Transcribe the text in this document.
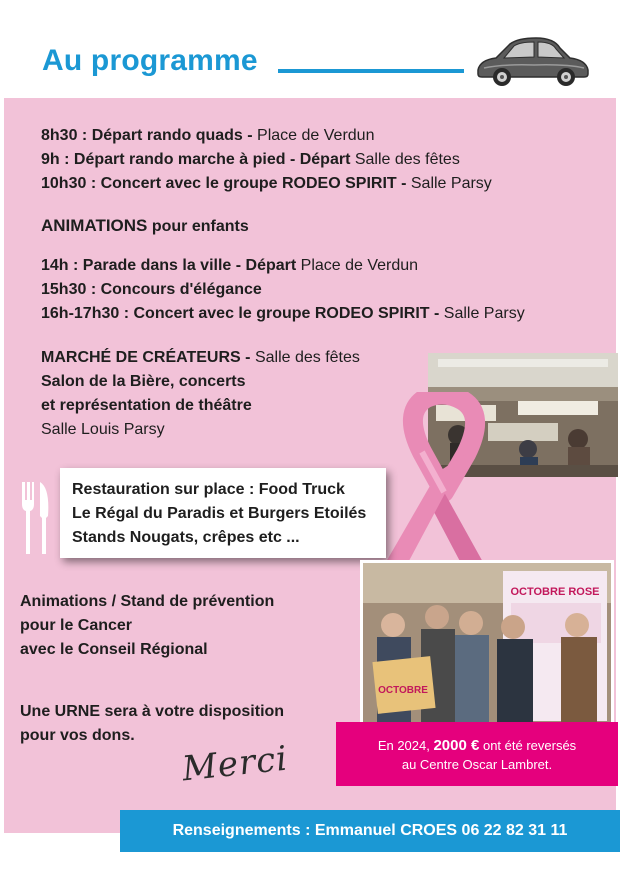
Au programme
8h30 : Départ rando quads - Place de Verdun
9h : Départ rando marche à pied - Départ Salle des fêtes
10h30 : Concert avec le groupe RODEO SPIRIT - Salle Parsy
ANIMATIONS pour enfants
14h : Parade dans la ville - Départ Place de Verdun
15h30 : Concours d'élégance
16h-17h30 : Concert avec le groupe RODEO SPIRIT - Salle Parsy
MARCHÉ DE CRÉATEURS - Salle des fêtes
Salon de la Bière, concerts
et représentation de théâtre
Salle Louis Parsy
Restauration sur place : Food Truck
Le Régal du Paradis et Burgers Etoilés
Stands Nougats, crêpes etc ...
OCTOBRE ROSE
OCTOBRE
Animations / Stand de prévention
pour le Cancer
avec le Conseil Régional
Une URNE sera à votre disposition
pour vos dons.
Merci	En 2024, 2000 € ont été reversés
au Centre Oscar Lambret.
Renseignements : Emmanuel CROES 06 22 82 31 11
